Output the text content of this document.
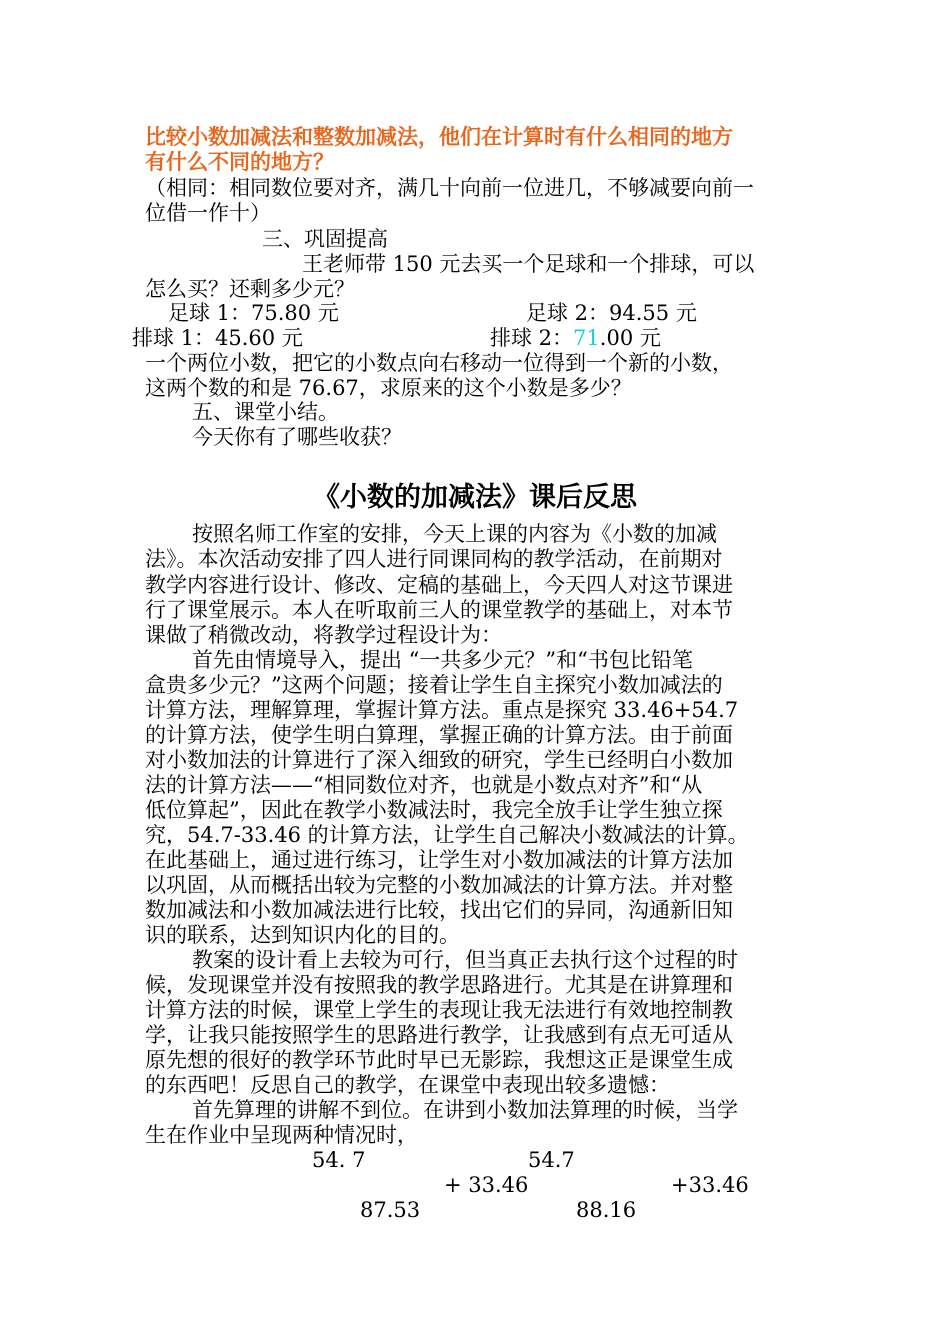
比较小数加减法和整数加减法，他们在计算时有什么相同的地方
有什么不同的地方？
（相同：相同数位要对齐，满几十向前一位进几，不够减要向前一
位借一作十）
三、巩固提高
王老师带 150 元去买一个足球和一个排球，可以
怎么买？还剩多少元？
足球 1：75.80 元	足球 2：94.55 元
排球 1：45.60 元	排球 2：71.00 元
一个两位小数，把它的小数点向右移动一位得到一个新的小数，
这两个数的和是 76.67，求原来的这个小数是多少？
五、课堂小结。
今天你有了哪些收获？
《小数的加减法》课后反思
按照名师工作室的安排，今天上课的内容为《小数的加减
法》。本次活动安排了四人进行同课同构的教学活动，在前期对
教学内容进行设计、修改、定稿的基础上，今天四人对这节课进
行了课堂展示。本人在听取前三人的课堂教学的基础上，对本节
课做了稍微改动，将教学过程设计为：
首先由情境导入，提出 “一共多少元？”和“书包比铅笔
盒贵多少元？”这两个问题；接着让学生自主探究小数加减法的
计算方法，理解算理，掌握计算方法。重点是探究 33.46+54.7
的计算方法，使学生明白算理，掌握正确的计算方法。由于前面
对小数加法的计算进行了深入细致的研究，学生已经明白小数加
法的计算方法——“相同数位对齐，也就是小数点对齐”和“从
低位算起”，因此在教学小数减法时，我完全放手让学生独立探
究，54.7-33.46 的计算方法，让学生自己解决小数减法的计算。
在此基础上，通过进行练习，让学生对小数加减法的计算方法加
以巩固，从而概括出较为完整的小数加减法的计算方法。并对整
数加减法和小数加减法进行比较，找出它们的异同，沟通新旧知
识的联系，达到知识内化的目的。
教案的设计看上去较为可行，但当真正去执行这个过程的时
候，发现课堂并没有按照我的教学思路进行。尤其是在讲算理和
计算方法的时候，课堂上学生的表现让我无法进行有效地控制教
学，让我只能按照学生的思路进行教学，让我感到有点无可适从
原先想的很好的教学环节此时早已无影踪，我想这正是课堂生成
的东西吧！反思自己的教学，在课堂中表现出较多遗憾：
首先算理的讲解不到位。在讲到小数加法算理的时候，当学
生在作业中呈现两种情况时，
54. 7	54.7
+ 33.46	+33.46
87.53	88.16
